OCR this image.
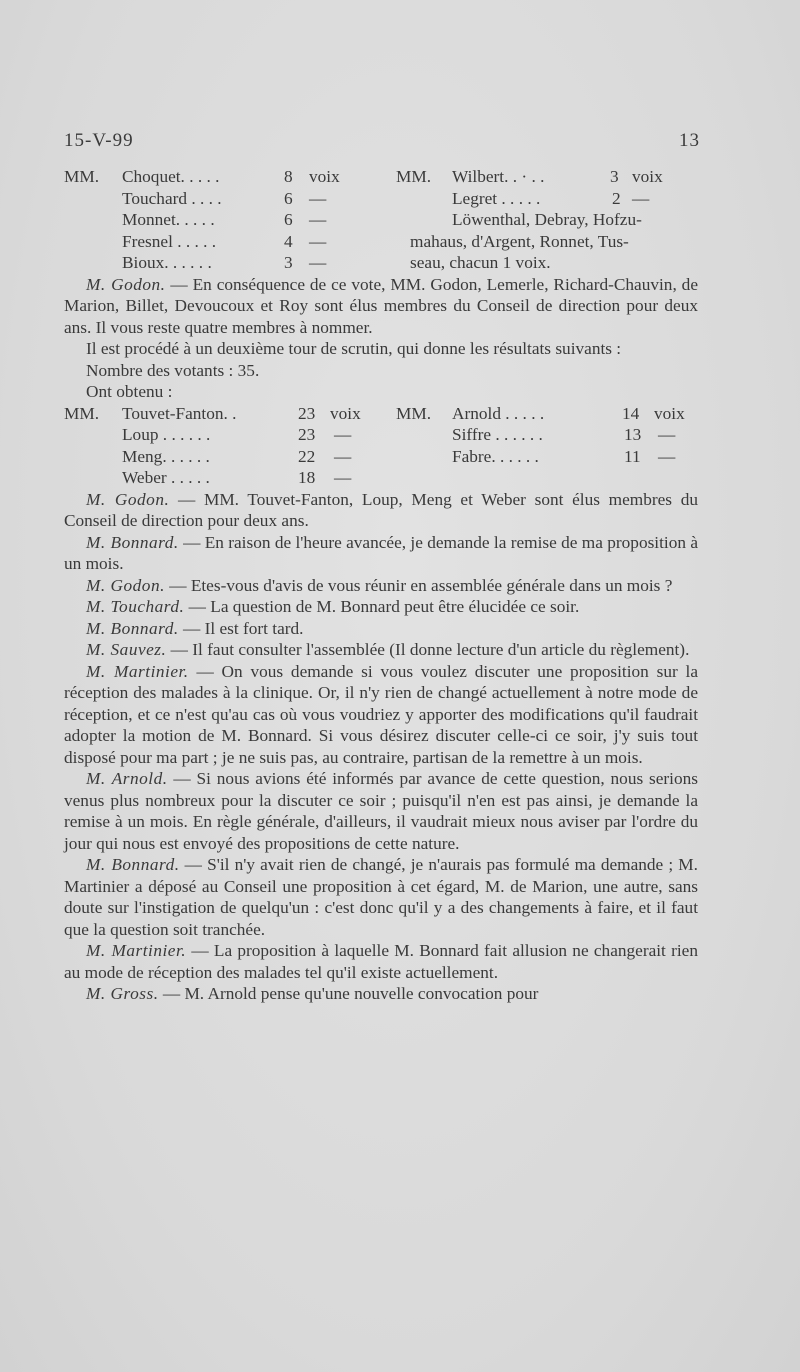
15-V-99	13
MM. Choquet. . . . .	8 voix	MM. Wilbert. . · . .	3 voix
Touchard . . . .	6 —	Legret . . . . .	2 —
Monnet. . . . .	6 —	Löwenthal, Debray, Hofzu-
Fresnel . . . . .	4 —	mahaus, d'Argent, Ronnet, Tus-
Bioux. . . . . .	3 —	seau, chacun 1 voix.

M. Godon. — En conséquence de ce vote, MM. Godon, Lemerle, Richard-Chauvin, de Marion, Billet, Devoucoux et Roy sont élus membres du Conseil de direction pour deux ans. Il vous reste quatre membres à nommer.

Il est procédé à un deuxième tour de scrutin, qui donne les résultats suivants :

Nombre des votants : 35.
Ont obtenu :
MM. Touvet-Fanton. .	23 voix MM. Arnold . . . . .	14 voix
Loup . . . . . .	23 —	Siffre . . . . . .	13 —
Meng. . . . . .	22 —	Fabre. . . . . .	11 —
Weber . . . . .	18 —

M. Godon. — MM. Touvet-Fanton, Loup, Meng et Weber sont élus membres du Conseil de direction pour deux ans.

M. Bonnard. — En raison de l'heure avancée, je demande la remise de ma proposition à un mois.

M. Godon. — Etes-vous d'avis de vous réunir en assemblée générale dans un mois ?

M. Touchard. — La question de M. Bonnard peut être élucidée ce soir.

M. Bonnard. — Il est fort tard.

M. Sauvez. — Il faut consulter l'assemblée (Il donne lecture d'un article du règlement).

M. Martinier. — On vous demande si vous voulez discuter une proposition sur la réception des malades à la clinique. Or, il n'y rien de changé actuellement à notre mode de réception, et ce n'est qu'au cas où vous voudriez y apporter des modifications qu'il faudrait adopter la motion de M. Bonnard. Si vous désirez discuter celle-ci ce soir, j'y suis tout disposé pour ma part ; je ne suis pas, au contraire, partisan de la remettre à un mois.

M. Arnold. — Si nous avions été informés par avance de cette question, nous serions venus plus nombreux pour la discuter ce soir ; puisqu'il n'en est pas ainsi, je demande la remise à un mois. En règle générale, d'ailleurs, il vaudrait mieux nous aviser par l'ordre du jour qui nous est envoyé des propositions de cette nature.

M. Bonnard. — S'il n'y avait rien de changé, je n'aurais pas formulé ma demande ; M. Martinier a déposé au Conseil une proposition à cet égard, M. de Marion, une autre, sans doute sur l'instigation de quelqu'un : c'est donc qu'il y a des changements à faire, et il faut que la question soit tranchée.

M. Martinier. — La proposition à laquelle M. Bonnard fait allusion ne changerait rien au mode de réception des malades tel qu'il existe actuellement.

M. Gross. — M. Arnold pense qu'une nouvelle convocation pour
